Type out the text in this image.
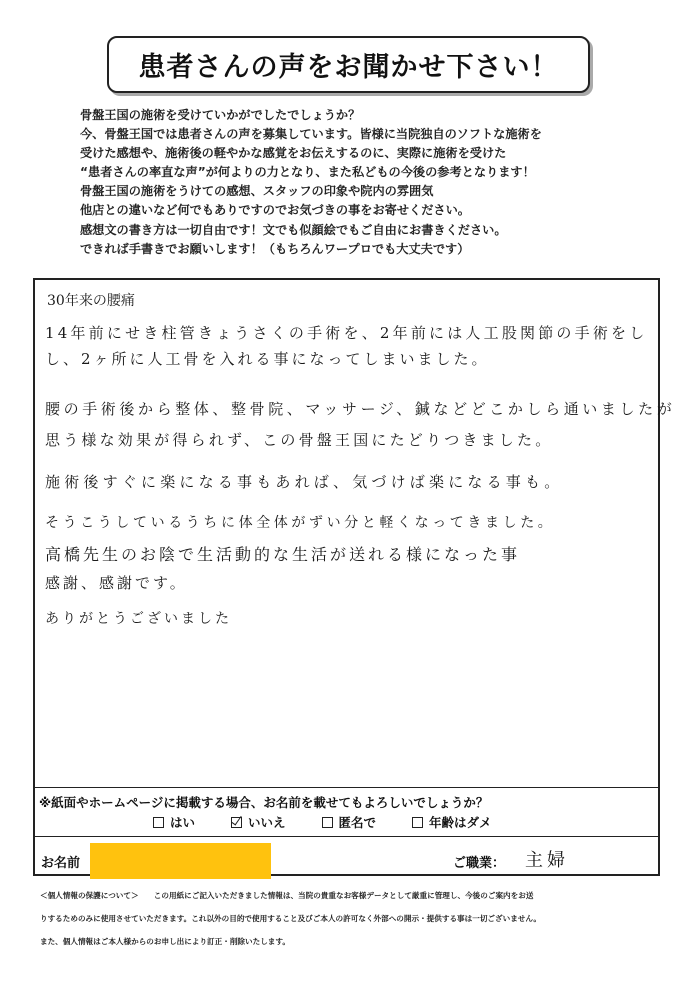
患者さんの声をお聞かせ下さい！
骨盤王国の施術を受けていかがでしたでしょうか？
今、骨盤王国では患者さんの声を募集しています。皆様に当院独自のソフトな施術を
受けた感想や、施術後の軽やかな感覚をお伝えするのに、実際に施術を受けた
“患者さんの率直な声”が何よりの力となり、また私どもの今後の参考となります！
骨盤王国の施術をうけての感想、スタッフの印象や院内の雰囲気
他店との違いなど何でもありですのでお気づきの事をお寄せください。
感想文の書き方は一切自由です！文でも似顔絵でもご自由にお書きください。
できれば手書きでお願いします！（もちろんワープロでも大丈夫です）
30年来の腰痛
14年前にせき柱管きょうさくの手術を、2年前には人工股関節の手術をし
し、2ヶ所に人工骨を入れる事になってしまいました。
腰の手術後から整体、整骨院、マッサージ、鍼などどこかしら通いましたが
思う様な効果が得られず、この骨盤王国にたどりつきました。
施術後すぐに楽になる事もあれば、気づけば楽になる事も。
そうこうしているうちに体全体がずい分と軽くなってきました。
高橋先生のお陰で生活動的な生活が送れる様になった事
感謝、感謝です。
ありがとうございました
※紙面やホームページに掲載する場合、お名前を載せてもよろしいでしょうか？
はい	いいえ	匿名で	年齢はダメ
お名前	ご職業： 主婦
＜個人情報の保護について＞　　この用紙にご記入いただきました情報は、当院の貴重なお客様データとして厳重に管理し、今後のご案内をお送
りするためのみに使用させていただきます。これ以外の目的で使用すること及びご本人の許可なく外部への開示・提供する事は一切ございません。
また、個人情報はご本人様からのお申し出により訂正・削除いたします。
